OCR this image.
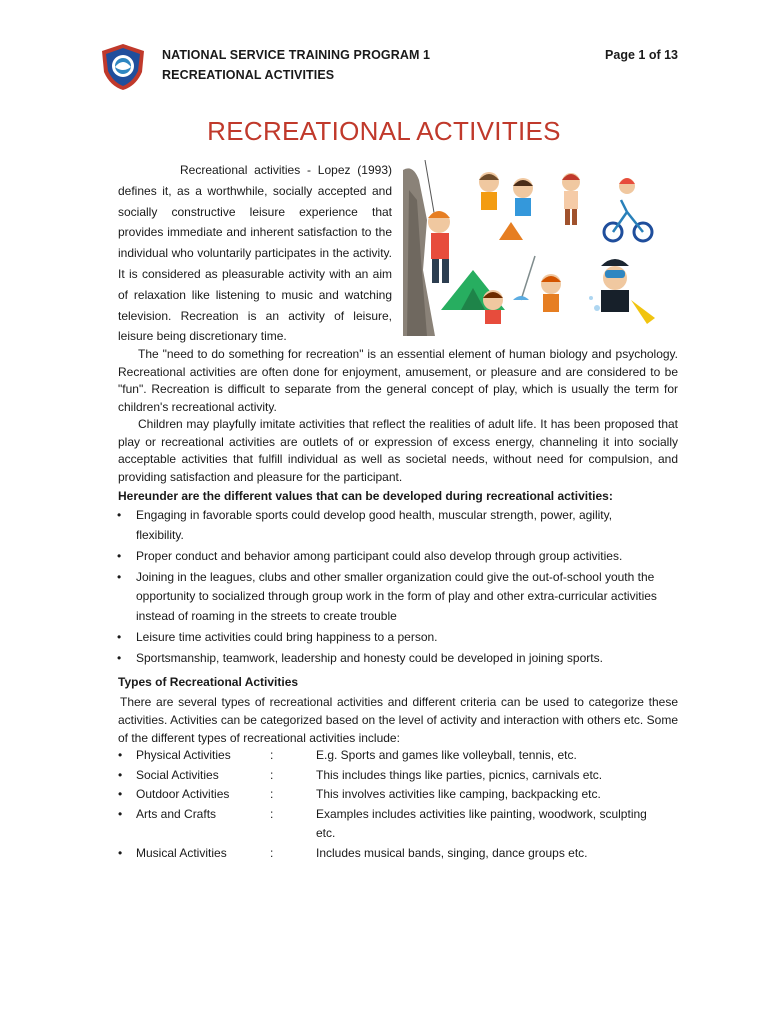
NATIONAL SERVICE TRAINING PROGRAM 1
RECREATIONAL ACTIVITIES
Page 1 of 13
RECREATIONAL ACTIVITIES

Recreational activities - Lopez (1993) defines it, as a worthwhile, socially accepted and socially constructive leisure experience that provides immediate and inherent satisfaction to the individual who voluntarily participates in the activity. It is considered as pleasurable activity with an aim of relaxation like listening to music and watching television. Recreation is an activity of leisure, leisure being discretionary time.

The "need to do something for recreation" is an essential element of human biology and psychology. Recreational activities are often done for enjoyment, amusement, or pleasure and are considered to be "fun". Recreation is difficult to separate from the general concept of play, which is usually the term for children's recreational activity.

Children may playfully imitate activities that reflect the realities of adult life. It has been proposed that play or recreational activities are outlets of or expression of excess energy, channeling it into socially acceptable activities that fulfill individual as well as societal needs, without need for compulsion, and providing satisfaction and pleasure for the participant.

Hereunder are the different values that can be developed during recreational activities:
• Engaging in favorable sports could develop good health, muscular strength, power, agility, flexibility.
• Proper conduct and behavior among participant could also develop through group activities.
• Joining in the leagues, clubs and other smaller organization could give the out-of-school youth the opportunity to socialized through group work in the form of play and other extra-curricular activities instead of roaming in the streets to create trouble
• Leisure time activities could bring happiness to a person.
• Sportsmanship, teamwork, leadership and honesty could be developed in joining sports.
Types of Recreational Activities

There are several types of recreational activities and different criteria can be used to categorize these activities. Activities can be categorized based on the level of activity and interaction with others etc. Some of the different types of recreational activities include:

•	Physical Activities	:	E.g. Sports and games like volleyball, tennis, etc.
•	Social Activities	:	This includes things like parties, picnics, carnivals etc.
•	Outdoor Activities	:	This involves activities like camping, backpacking etc.
•	Arts and Crafts	:	Examples includes activities like painting, woodwork, sculpting etc.
•	Musical Activities	:	Includes musical bands, singing, dance groups etc.
